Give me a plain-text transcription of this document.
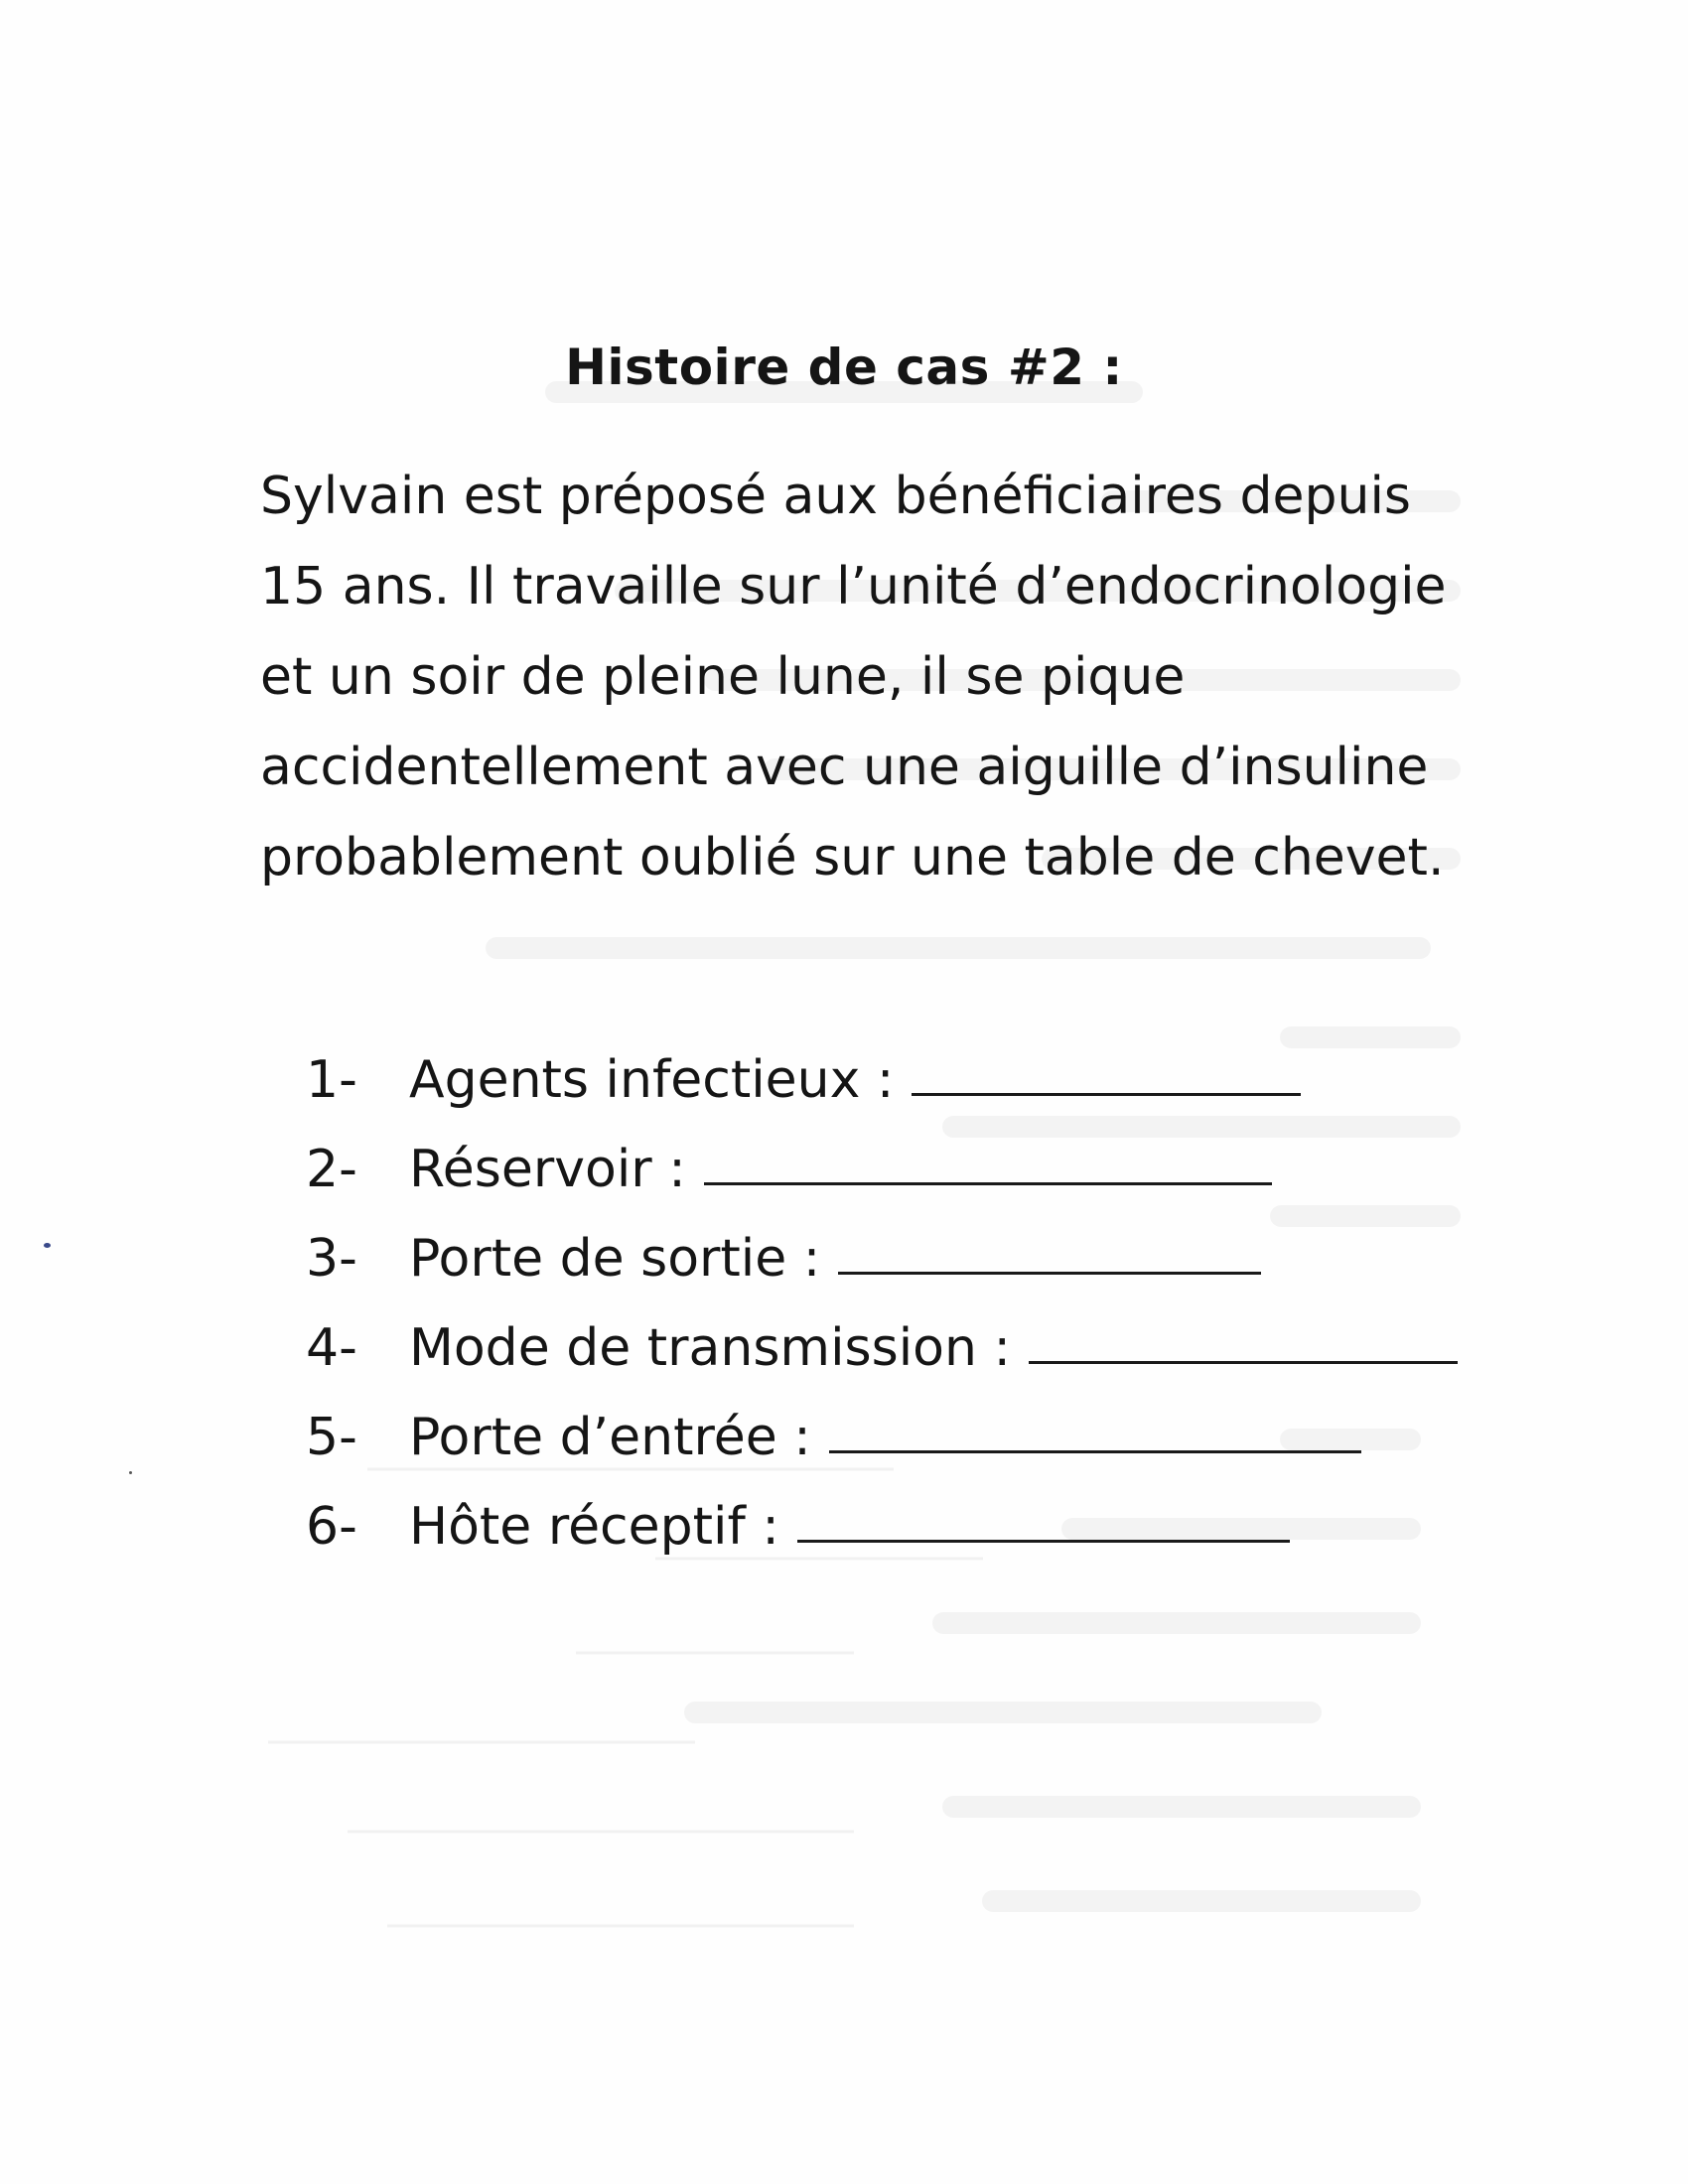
Histoire de cas #2 :
Sylvain est préposé aux bénéficiaires depuis
15 ans. Il travaille sur l’unité d’endocrinologie
et un soir de pleine lune, il se pique
accidentellement avec une aiguille d’insuline
probablement oublié sur une table de chevet.
1- Agents infectieux :
2- Réservoir :
3- Porte de sortie :
4- Mode de transmission :
5- Porte d’entrée :
6- Hôte réceptif :
